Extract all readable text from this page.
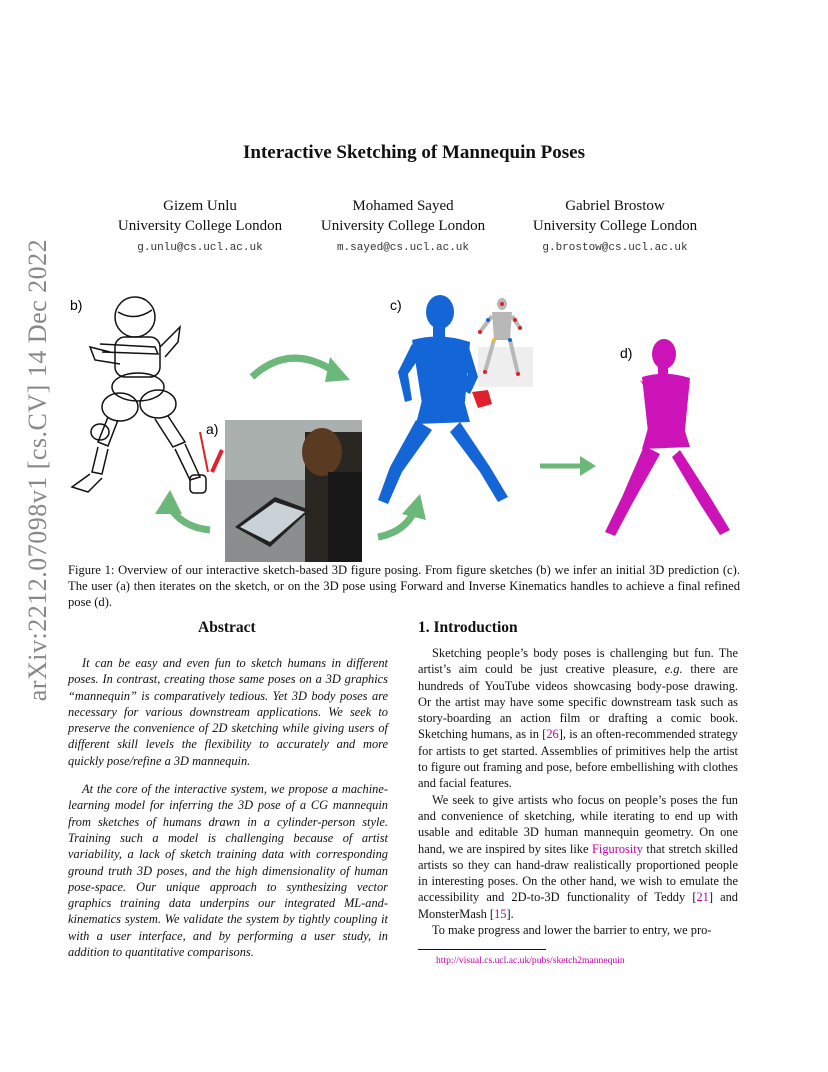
Interactive Sketching of Mannequin Poses
Gizem Unlu
University College London
g.unlu@cs.ucl.ac.uk
Mohamed Sayed
University College London
m.sayed@cs.ucl.ac.uk
Gabriel Brostow
University College London
g.brostow@cs.ucl.ac.uk
arXiv:2212.07098v1 [cs.CV] 14 Dec 2022 b)
a)
c)
d)
Figure 1: Overview of our interactive sketch-based 3D figure posing. From figure sketches (b) we infer an initial 3D prediction (c). The user (a) then iterates on the sketch, or on the 3D pose using Forward and Inverse Kinematics handles to achieve a final refined pose (d).
Abstract

It can be easy and even fun to sketch humans in different poses. In contrast, creating those same poses on a 3D graphics “mannequin” is comparatively tedious. Yet 3D body poses are necessary for various downstream applications. We seek to preserve the convenience of 2D sketching while giving users of different skill levels the flexibility to accurately and more quickly pose/refine a 3D mannequin.

At the core of the interactive system, we propose a machine-learning model for inferring the 3D pose of a CG mannequin from sketches of humans drawn in a cylinder-person style. Training such a model is challenging because of artist variability, a lack of sketch training data with corresponding ground truth 3D poses, and the high dimensionality of human pose-space. Our unique approach to synthesizing vector graphics training data underpins our integrated ML-and-kinematics system. We validate the system by tightly coupling it with a user interface, and by performing a user study, in addition to quantitative comparisons.

1. Introduction

Sketching people’s body poses is challenging but fun. The artist’s aim could be just creative pleasure, e.g. there are hundreds of YouTube videos showcasing body-pose drawing. Or the artist may have some specific downstream task such as story-boarding an action film or drafting a comic book. Sketching humans, as in [26], is an often-recommended strategy for artists to get started. Assemblies of primitives help the artist to figure out framing and pose, before embellishing with clothes and facial features.

We seek to give artists who focus on people’s poses the fun and convenience of sketching, while iterating to end up with usable and editable 3D human mannequin geometry. On one hand, we are inspired by sites like Figurosity that stretch skilled artists so they can hand-draw realistically proportioned people in interesting poses. On the other hand, we wish to emulate the accessibility and 2D-to-3D functionality of Teddy [21] and MonsterMash [15].

To make progress and lower the barrier to entry, we pro-

http://visual.cs.ucl.ac.uk/pubs/sketch2mannequin
